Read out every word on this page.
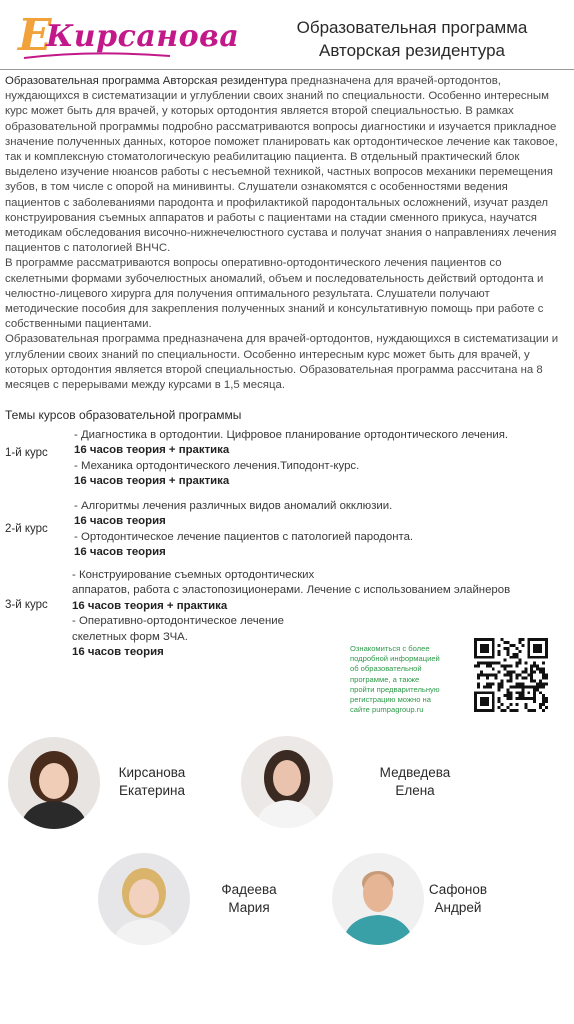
E
Кирсанова	Образовательная программа
Авторская резидентура

Образовательная программа Авторская резидентура предназначена для врачей-ортодонтов, нуждающихся в систематизации и углублении своих знаний по специальности. Особенно интересным курс может быть для врачей, у которых ортодонтия является второй специальностью. В рамках образовательной программы подробно рассматриваются вопросы диагностики и изучается прикладное значение полученных данных, которое поможет планировать как ортодонтическое лечение как таковое, так и комплексную стоматологическую реабилитацию пациента. В отдельный практический блок выделено изучение нюансов работы с несъемной техникой, частных вопросов механики перемещения зубов, в том числе с опорой на минивинты. Слушатели ознакомятся с особенностями ведения пациентов с заболеваниями пародонта и профилактикой пародонтальных осложнений, изучат раздел конструирования съемных аппаратов и работы с пациентами на стадии сменного прикуса, научатся методикам обследования височно-нижнечелюстного сустава и получат знания о направлениях лечения пациентов с патологией ВНЧС.

В программе рассматриваются вопросы оперативно-ортодонтического лечения пациентов со скелетными формами зубочелюстных аномалий, объем и последовательность действий ортодонта и челюстно-лицевого хирурга для получения оптимального результата. Слушатели получают методические пособия для закрепления полученных знаний и консультативную помощь при работе с собственными пациентами.

Образовательная программа предназначена для врачей-ортодонтов, нуждающихся в систематизации и углублении своих знаний по специальности. Особенно интересным курс может быть для врачей, у которых ортодонтия является второй специальностью. Образовательная программа рассчитана на 8 месяцев с перерывами между курсами в 1,5 месяца.

Темы курсов образовательной программы
1-й курс

- Диагностика в ортодонтии. Цифровое планирование ортодонтического лечения.

16 часов теория + практика

- Механика ортодонтического лечения.Типодонт-курс.

16 часов теория + практика

2-й курс

- Алгоритмы лечения различных видов аномалий окклюзии.

16 часов теория

- Ортодонтическое лечение пациентов с патологией пародонта.

16 часов теория

3-й курс

- Конструирование съемных ортодонтических

аппаратов, работа с эластопозиционерами. Лечение с использованием элайнеров

16 часов теория + практика

- Оперативно-ортодонтическое лечение

скелетных форм ЗЧА.

16 часов теория	Ознакомиться с более
подробной информацией
об образовательной
программе, а также
пройти предварительную
регистрацию можно на
сайте pumpagroup.ru
Кирсанова
Екатерина
Медведева
Елена
Фадеева
Мария
Сафонов
Андрей
